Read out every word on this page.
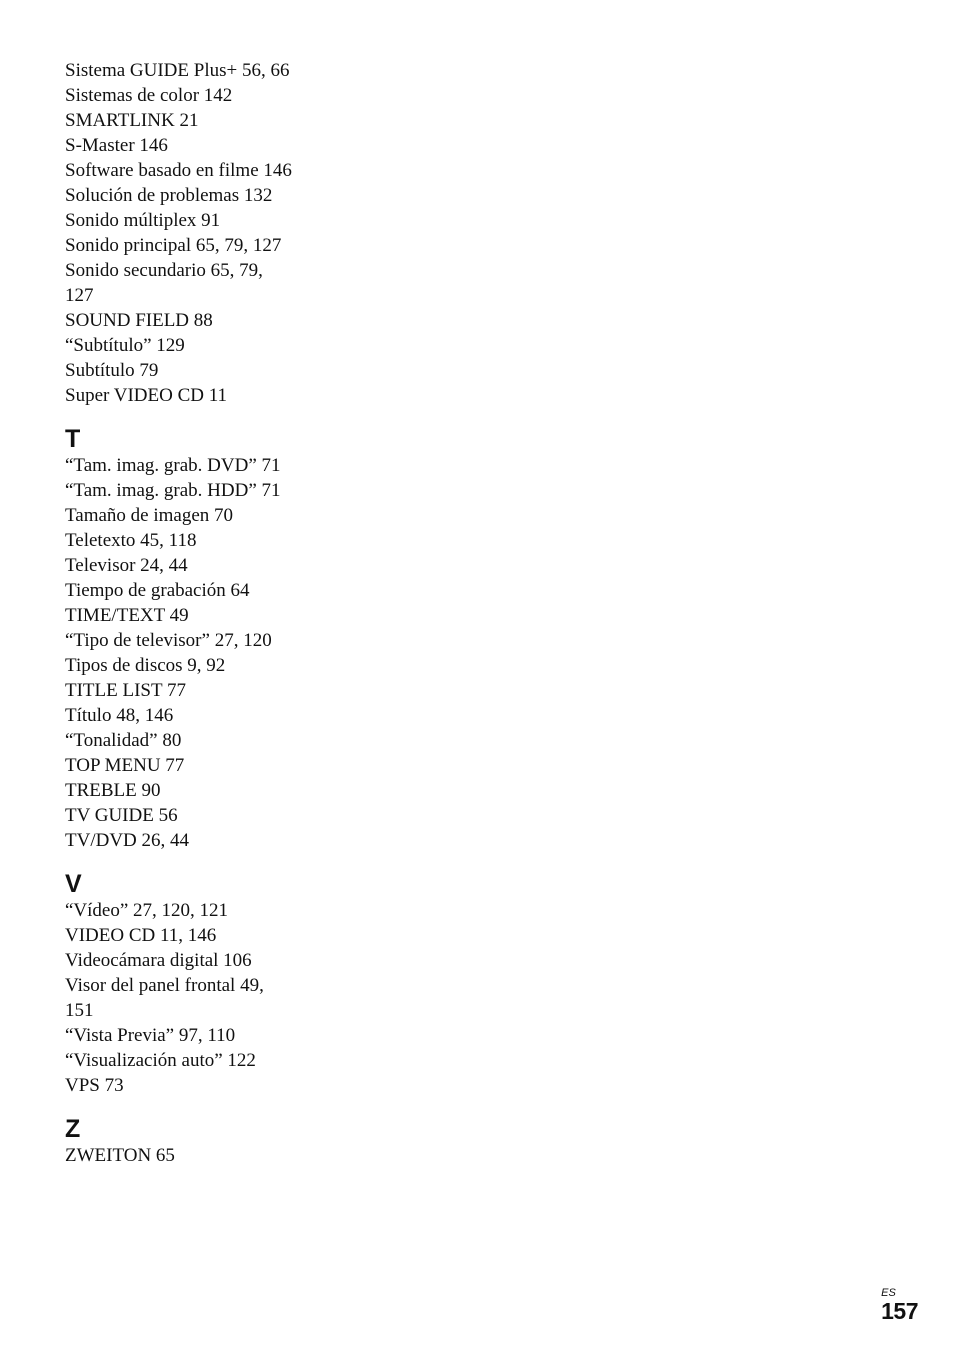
Sistema GUIDE Plus+ 56, 66
Sistemas de color 142
SMARTLINK 21
S-Master 146
Software basado en filme 146
Solución de problemas 132
Sonido múltiplex 91
Sonido principal 65, 79, 127
Sonido secundario 65, 79,
127
SOUND FIELD 88
“Subtítulo” 129
Subtítulo 79
Super VIDEO CD 11
T
“Tam. imag. grab. DVD” 71
“Tam. imag. grab. HDD” 71
Tamaño de imagen 70
Teletexto 45, 118
Televisor 24, 44
Tiempo de grabación 64
TIME/TEXT 49
“Tipo de televisor” 27, 120
Tipos de discos 9, 92
TITLE LIST 77
Título 48, 146
“Tonalidad” 80
TOP MENU 77
TREBLE 90
TV GUIDE 56
TV/DVD 26, 44
V
“Vídeo” 27, 120, 121
VIDEO CD 11, 146
Videocámara digital 106
Visor del panel frontal 49,
151
“Vista Previa” 97, 110
“Visualización auto” 122
VPS 73
Z
ZWEITON 65
ES
157
